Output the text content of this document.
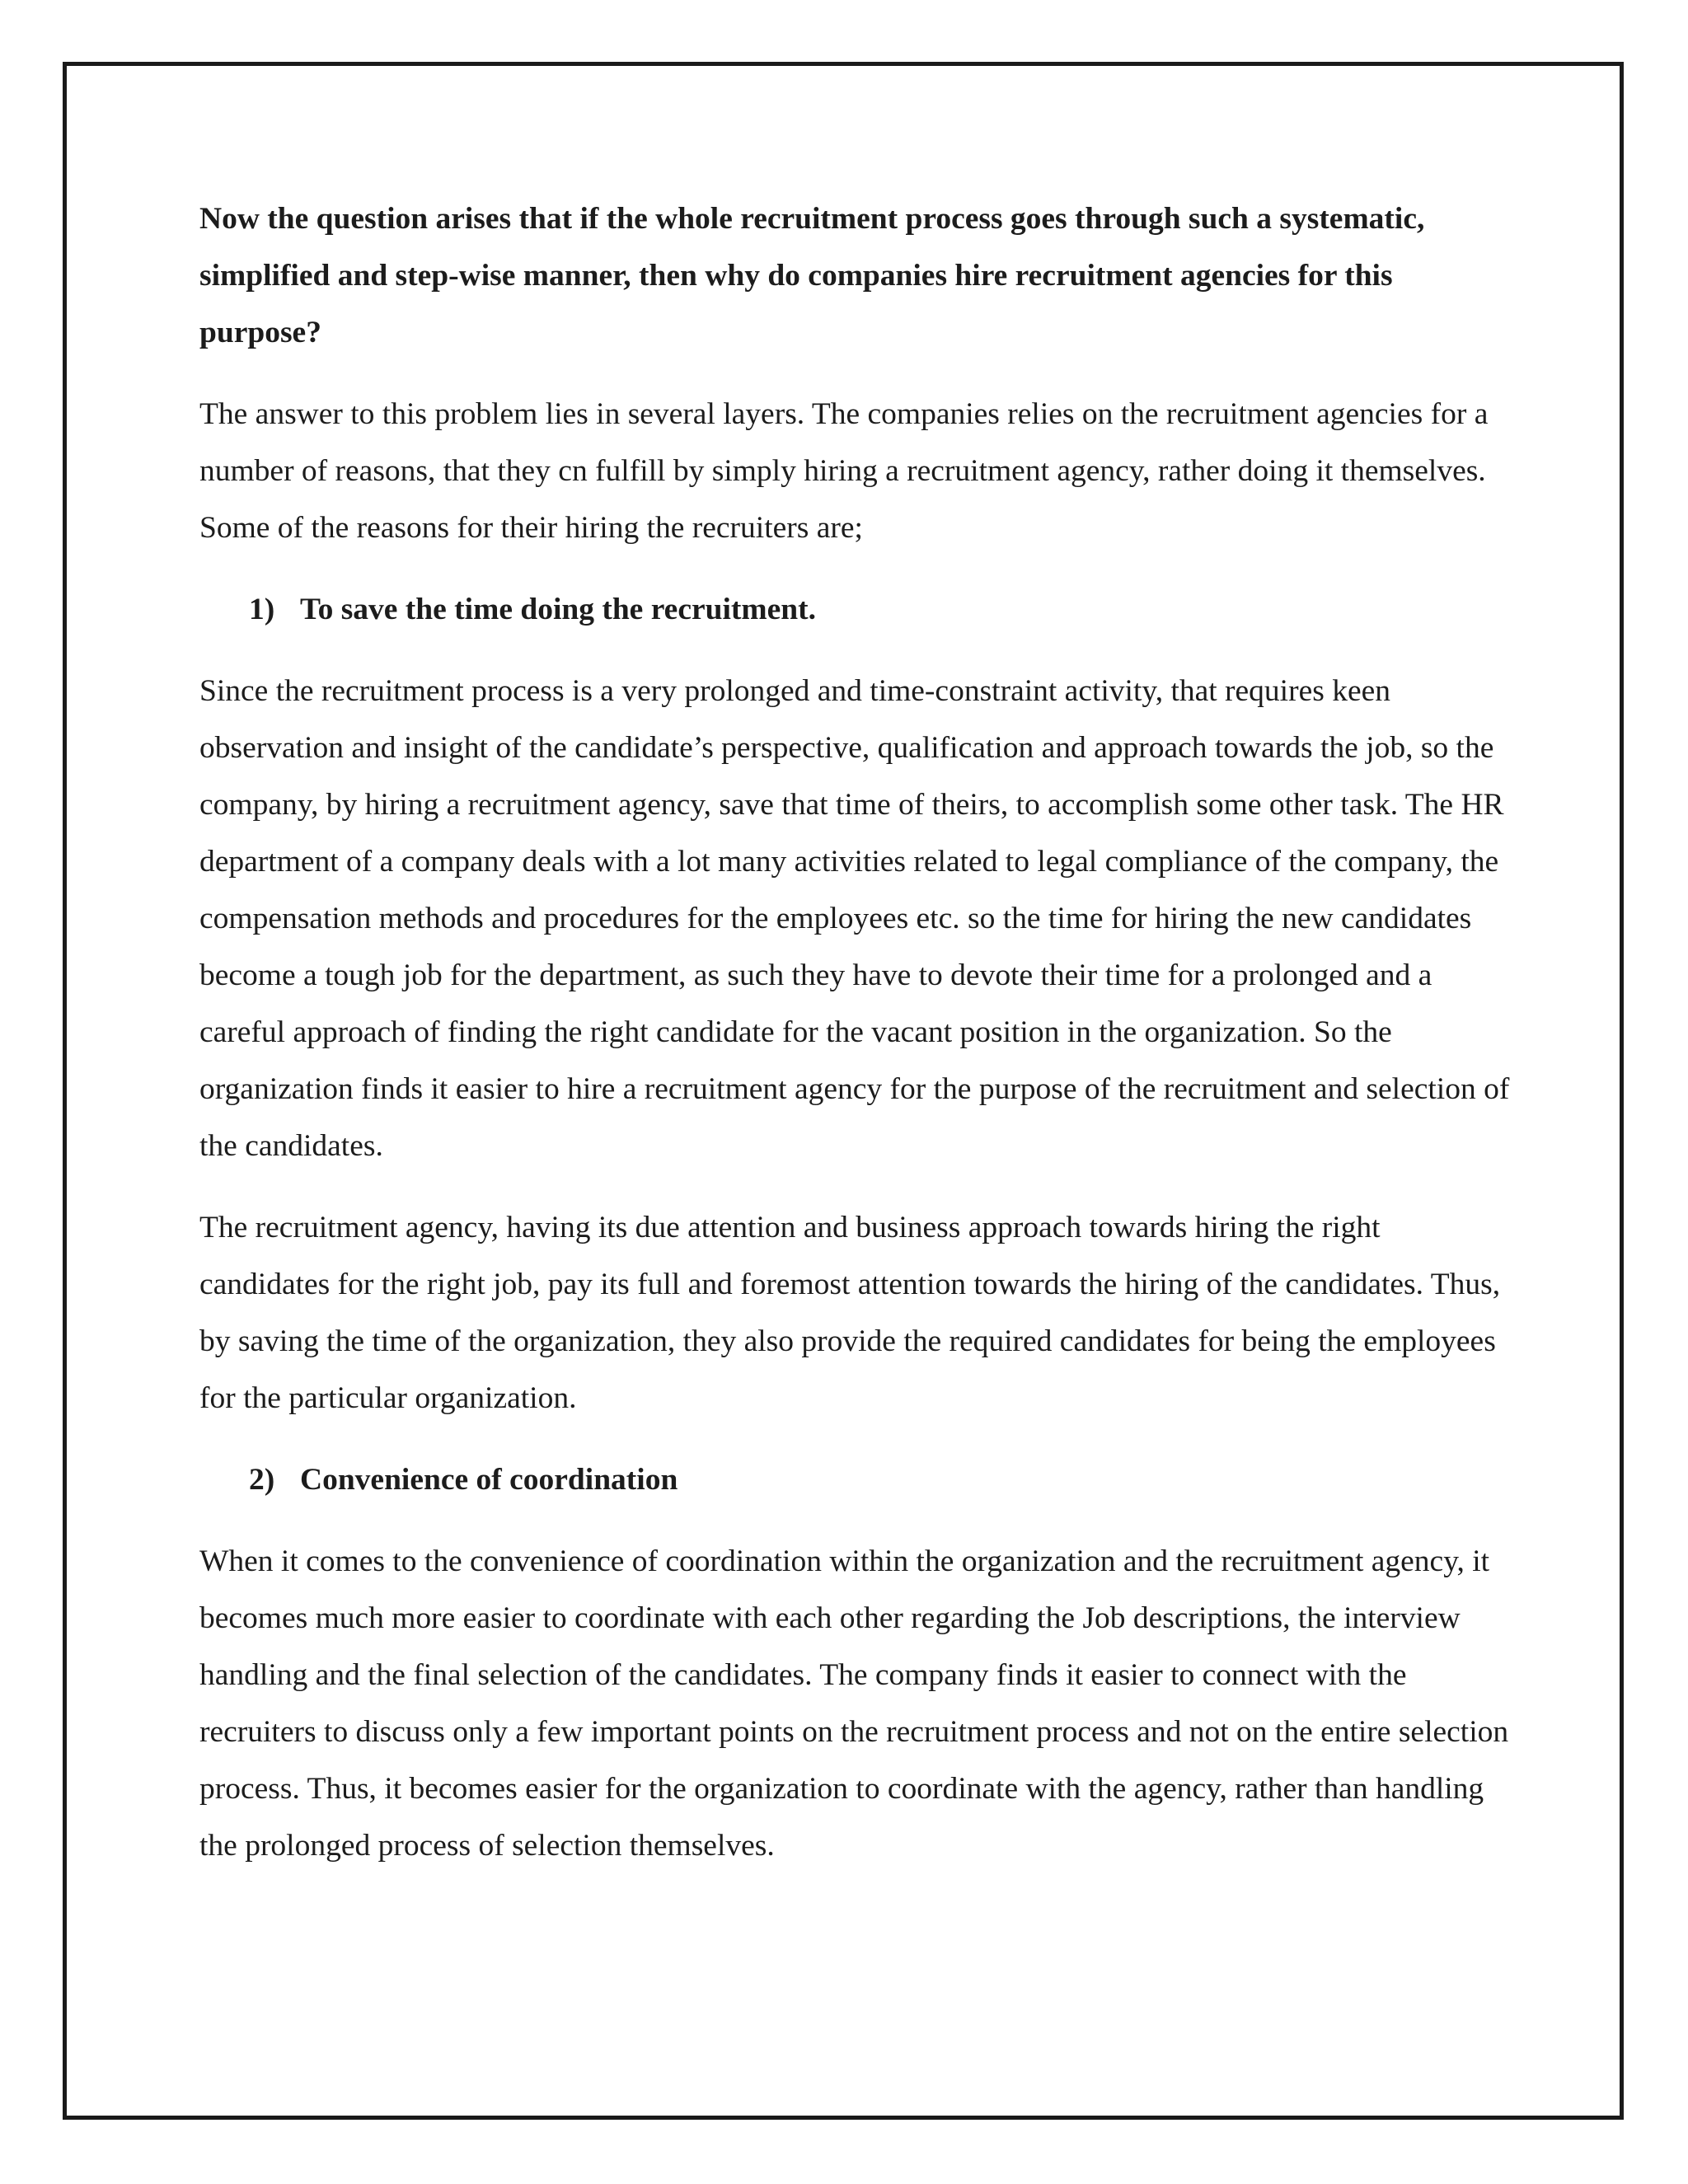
Now the question arises that if the whole recruitment process goes through such a systematic, simplified and step-wise manner, then why do companies hire recruitment agencies for this purpose?

The answer to this problem lies in several layers. The companies relies on the recruitment agencies for a number of reasons, that they cn fulfill by simply hiring a recruitment agency, rather doing it themselves. Some of the reasons for their hiring the recruiters are;

1) To save the time doing the recruitment.

Since the recruitment process is a very prolonged and time-constraint activity, that requires keen observation and insight of the candidate’s perspective, qualification and approach towards the job, so the company, by hiring a recruitment agency, save that time of theirs, to accomplish some other task. The HR department of a company deals with a lot many activities related to legal compliance of the company, the compensation methods and procedures for the employees etc. so the time for hiring the new candidates become a tough job for the department, as such they have to devote their time for a prolonged and a careful approach of finding the right candidate for the vacant position in the organization. So the organization finds it easier to hire a recruitment agency for the purpose of the recruitment and selection of the candidates.

The recruitment agency, having its due attention and business approach towards hiring the right candidates for the right job, pay its full and foremost attention towards the hiring of the candidates. Thus, by saving the time of the organization, they also provide the required candidates for being the employees for the particular organization.

2) Convenience of coordination

When it comes to the convenience of coordination within the organization and the recruitment agency, it becomes much more easier to coordinate with each other regarding the Job descriptions, the interview handling and the final selection of the candidates. The company finds it easier to connect with the recruiters to discuss only a few important points on the recruitment process and not on the entire selection process. Thus, it becomes easier for the organization to coordinate with the agency, rather than handling the prolonged process of selection themselves.
